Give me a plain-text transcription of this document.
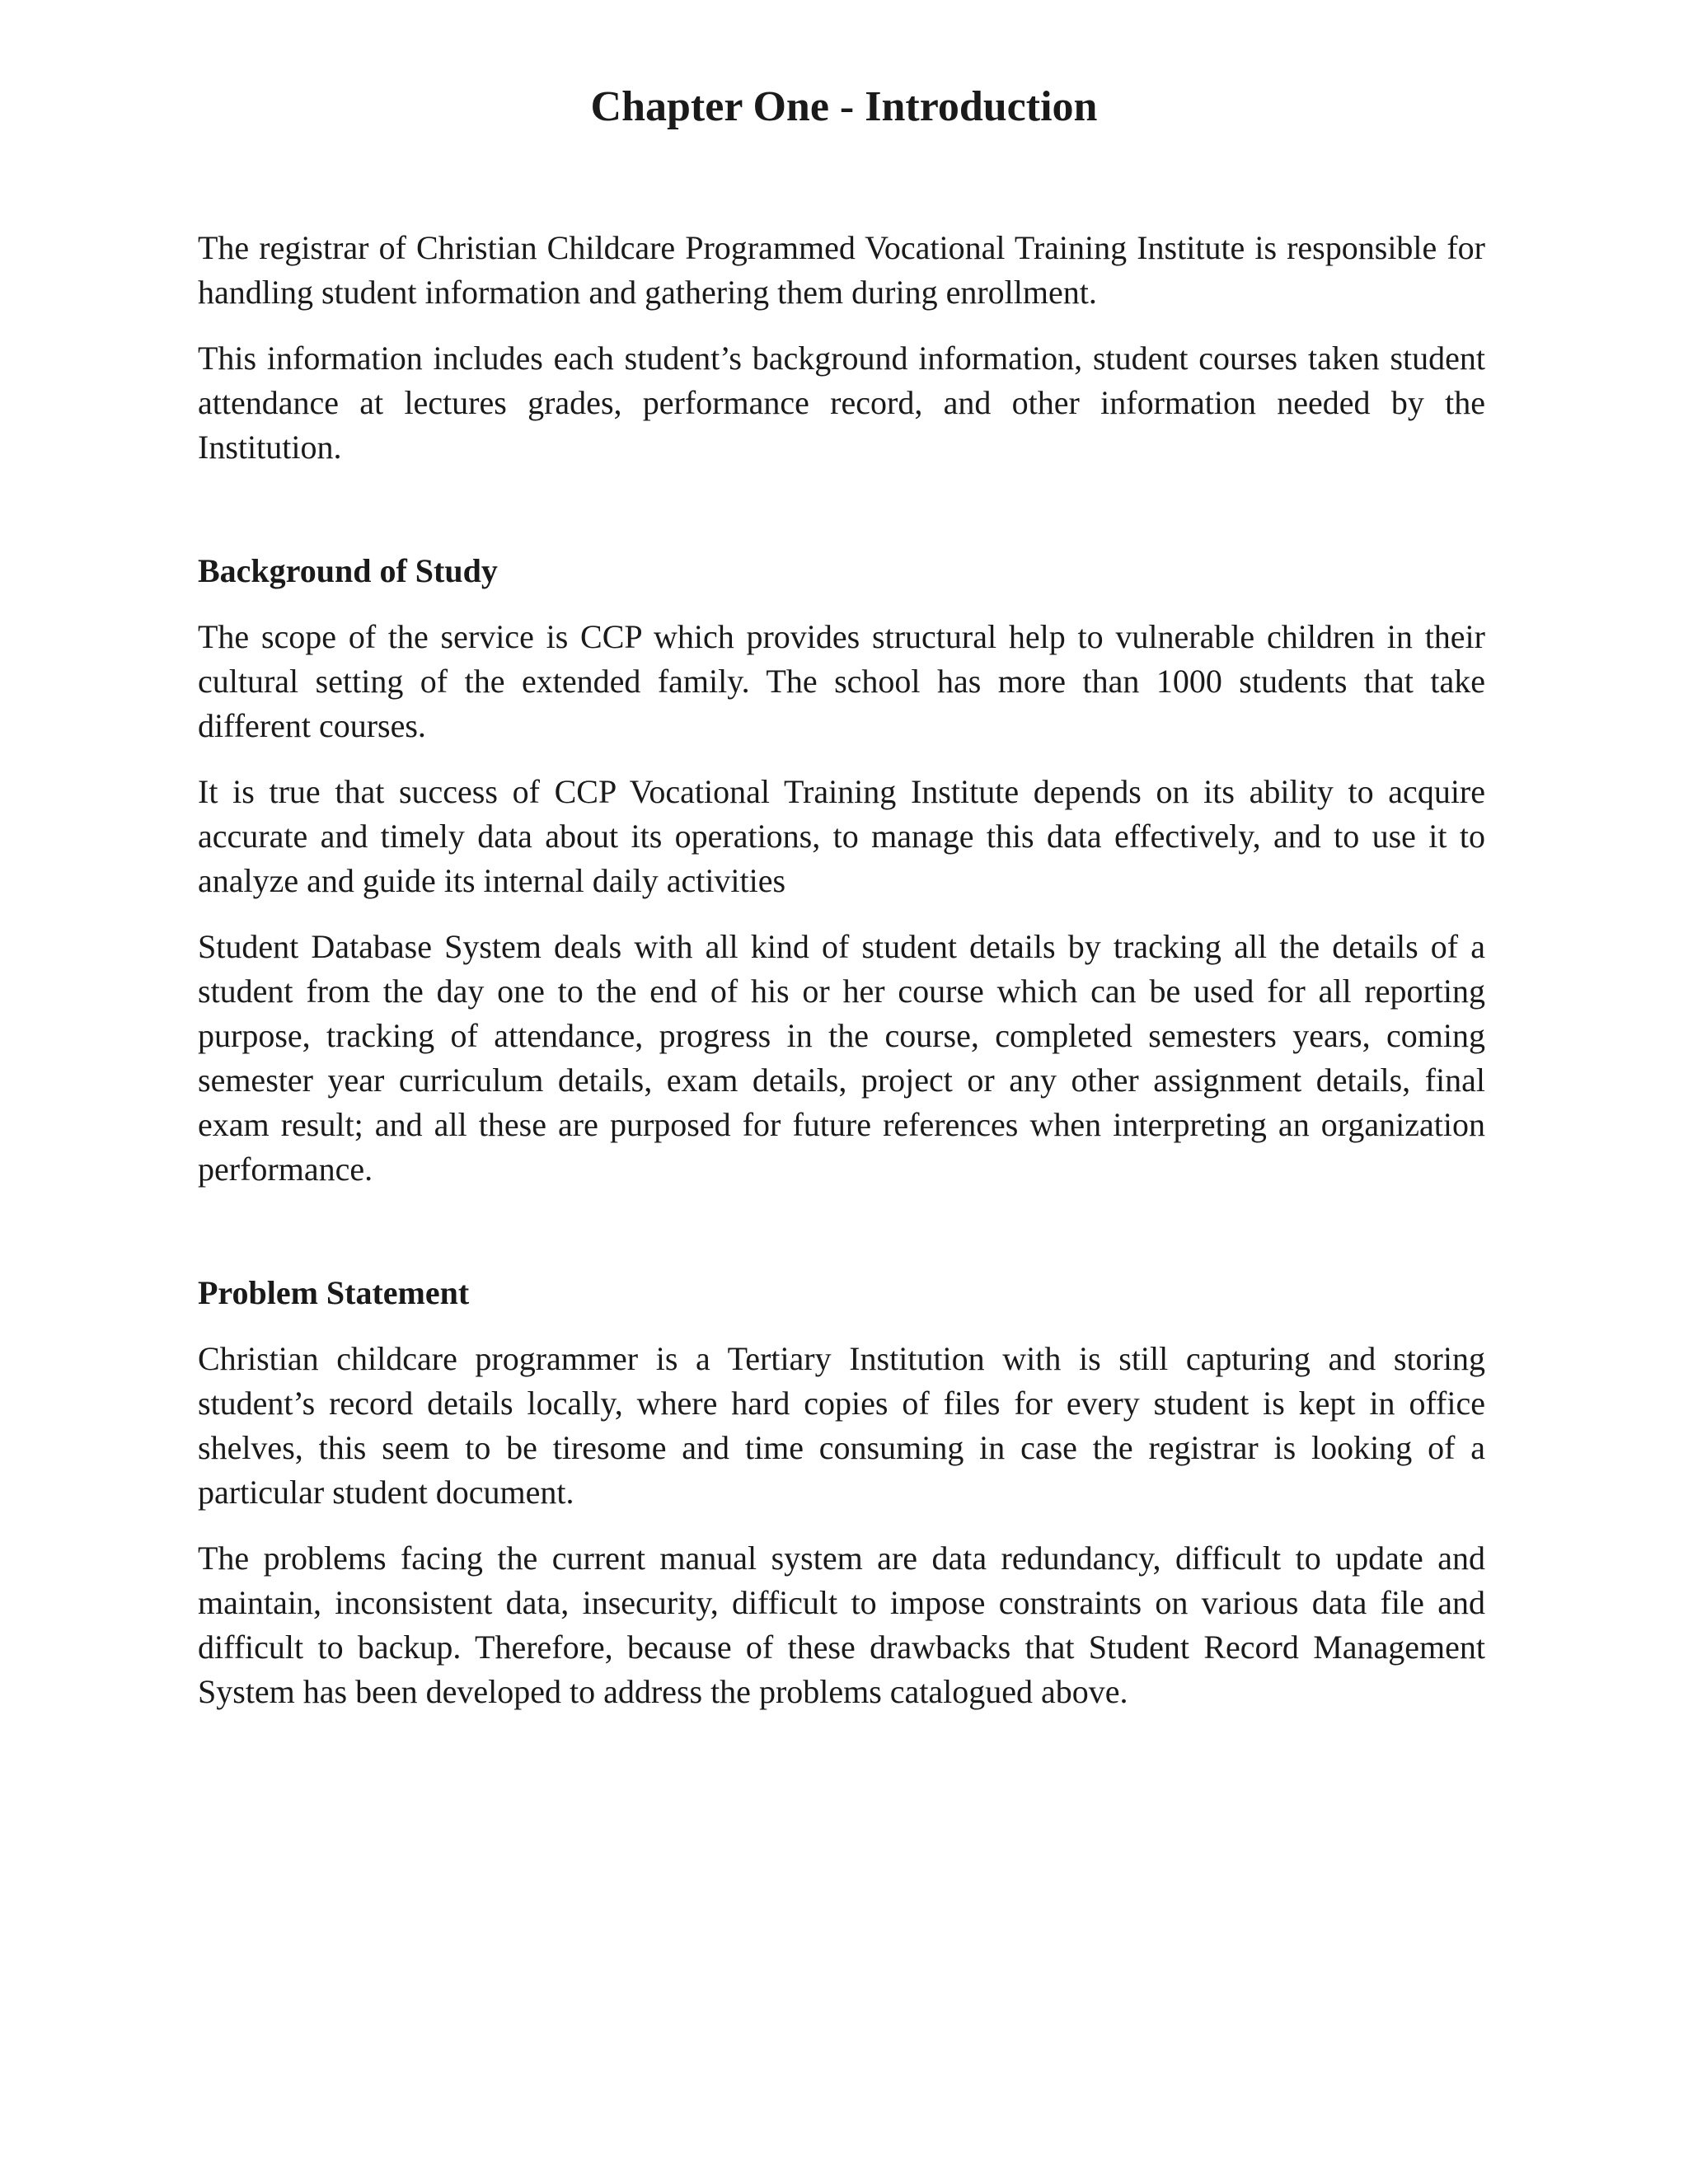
Chapter One - Introduction

The registrar of Christian Childcare Programmed Vocational Training Institute is responsible for handling student information and gathering them during enrollment.

This information includes each student’s background information, student courses taken student attendance at lectures grades, performance record, and other information needed by the Institution.

Background of Study

The scope of the service is CCP which provides structural help to vulnerable children in their cultural setting of the extended family. The school has more than 1000 students that take different courses.

It is true that success of CCP Vocational Training Institute depends on its ability to acquire accurate and timely data about its operations, to manage this data effectively, and to use it to analyze and guide its internal daily activities

Student Database System deals with all kind of student details by tracking all the details of a student from the day one to the end of his or her course which can be used for all reporting purpose, tracking of attendance, progress in the course, completed semesters years, coming semester year curriculum details, exam details, project or any other assignment details, final exam result; and all these are purposed for future references when interpreting an organization performance.

Problem Statement

Christian childcare programmer is a Tertiary Institution with is still capturing and storing student’s record details locally, where hard copies of files for every student is kept in office shelves, this seem to be tiresome and time consuming in case the registrar is looking of a particular student document.

The problems facing the current manual system are data redundancy, difficult to update and maintain, inconsistent data, insecurity, difficult to impose constraints on various data file and difficult to backup. Therefore, because of these drawbacks that Student Record Management System has been developed to address the problems catalogued above.
